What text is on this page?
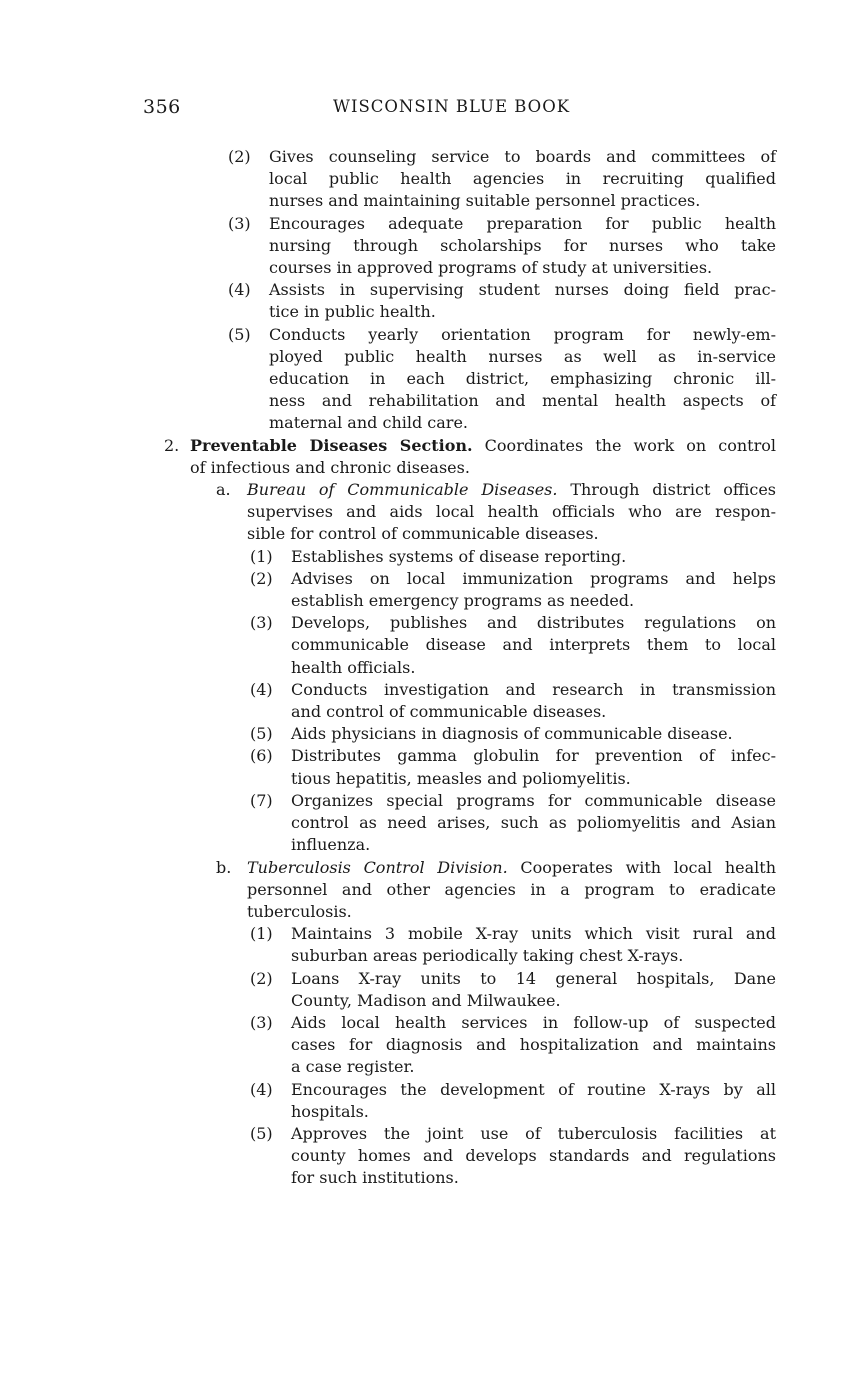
356	WISCONSIN BLUE BOOK
(2) Gives counseling service to boards and committees of
local public health agencies in recruiting qualified
nurses and maintaining suitable personnel practices.
(3) Encourages adequate preparation for public health
nursing through scholarships for nurses who take
courses in approved programs of study at universities.
(4) Assists in supervising student nurses doing field prac-
tice in public health.
(5) Conducts yearly orientation program for newly-em-
ployed public health nurses as well as in-service
education in each district, emphasizing chronic ill-
ness and rehabilitation and mental health aspects of
maternal and child care.
2. Preventable Diseases Section. Coordinates the work on control
of infectious and chronic diseases.
a. Bureau of Communicable Diseases. Through district offices
supervises and aids local health officials who are respon-
sible for control of communicable diseases.
(1) Establishes systems of disease reporting.
(2) Advises on local immunization programs and helps
establish emergency programs as needed.
(3) Develops, publishes and distributes regulations on
communicable disease and interprets them to local
health officials.
(4) Conducts investigation and research in transmission
and control of communicable diseases.
(5) Aids physicians in diagnosis of communicable disease.
(6) Distributes gamma globulin for prevention of infec-
tious hepatitis, measles and poliomyelitis.
(7) Organizes special programs for communicable disease
control as need arises, such as poliomyelitis and Asian
influenza.
b. Tuberculosis Control Division. Cooperates with local health
personnel and other agencies in a program to eradicate
tuberculosis.
(1) Maintains 3 mobile X-ray units which visit rural and
suburban areas periodically taking chest X-rays.
(2) Loans X-ray units to 14 general hospitals, Dane
County, Madison and Milwaukee.
(3) Aids local health services in follow-up of suspected
cases for diagnosis and hospitalization and maintains
a case register.
(4) Encourages the development of routine X-rays by all
hospitals.
(5) Approves the joint use of tuberculosis facilities at
county homes and develops standards and regulations
for such institutions.
